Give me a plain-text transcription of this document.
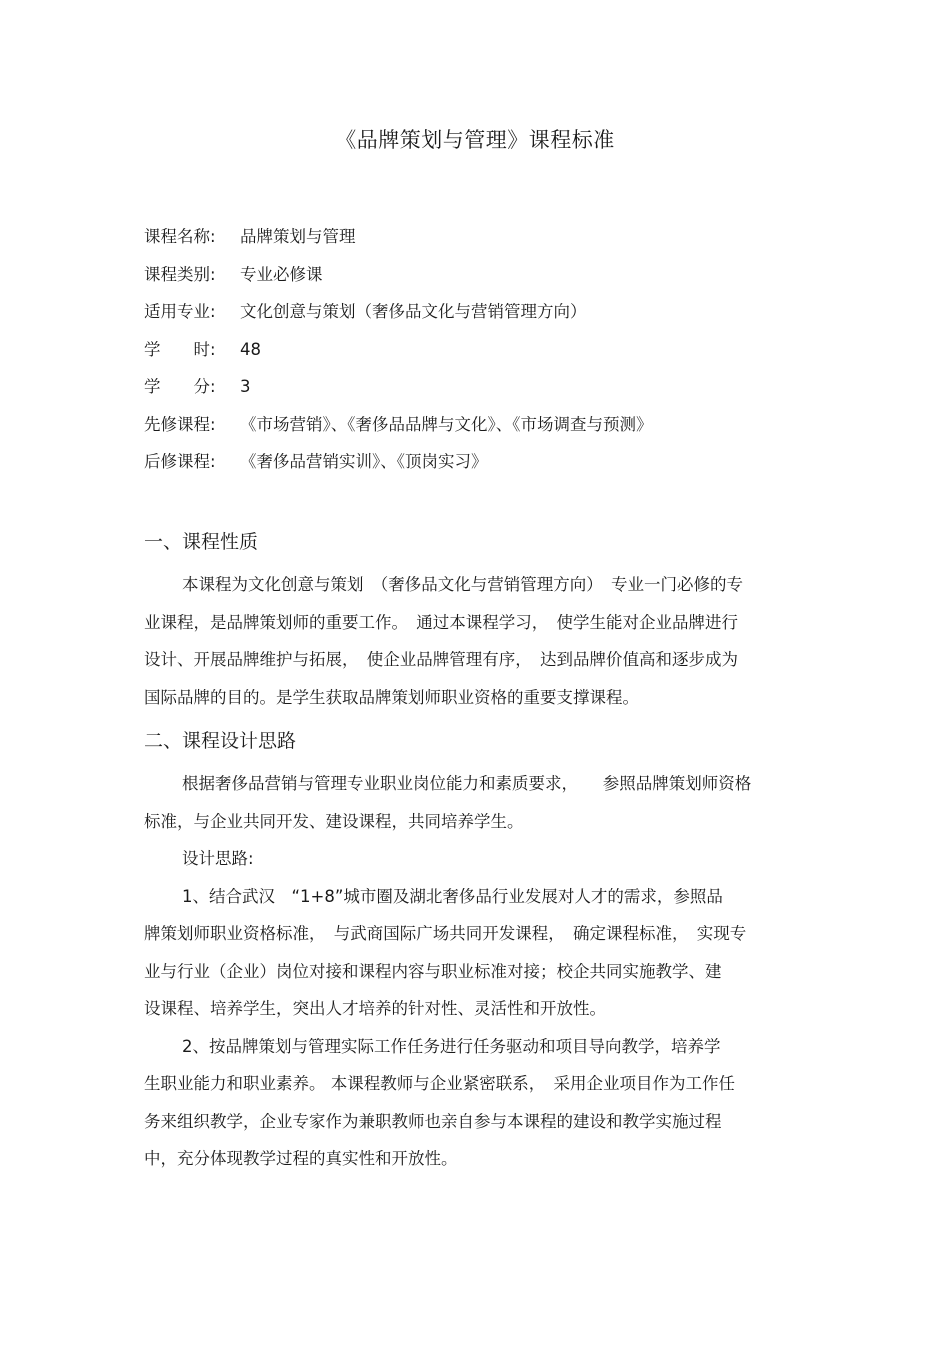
《品牌策划与管理》课程标准
课程名称: 品牌策划与管理
课程类别: 专业必修课
适用专业: 文化创意与策划（奢侈品文化与营销管理方向）
学　　时: 48
学　　分: 3
先修课程: 《市场营销》、《奢侈品品牌与文化》、《市场调查与预测》
后修课程: 《奢侈品营销实训》、《顶岗实习》
一、课程性质
本课程为文化创意与策划　（奢侈品文化与营销管理方向）　专业一门必修的专
业课程，是品牌策划师的重要工作。　通过本课程学习，　使学生能对企业品牌进行
设计、开展品牌维护与拓展，　使企业品牌管理有序，　达到品牌价值高和逐步成为
国际品牌的目的。是学生获取品牌策划师职业资格的重要支撑课程。
二、课程设计思路
根据奢侈品营销与管理专业职业岗位能力和素质要求，　　参照品牌策划师资格
标准，与企业共同开发、建设课程，共同培养学生。
设计思路:
1、结合武汉　“1+8”城市圈及湖北奢侈品行业发展对人才的需求，参照品
牌策划师职业资格标准，　与武商国际广场共同开发课程，　确定课程标准，　实现专
业与行业（企业）岗位对接和课程内容与职业标准对接；校企共同实施教学、建
设课程、培养学生，突出人才培养的针对性、灵活性和开放性。
2、按品牌策划与管理实际工作任务进行任务驱动和项目导向教学，培养学
生职业能力和职业素养。 本课程教师与企业紧密联系，　采用企业项目作为工作任
务来组织教学，企业专家作为兼职教师也亲自参与本课程的建设和教学实施过程
中，充分体现教学过程的真实性和开放性。
